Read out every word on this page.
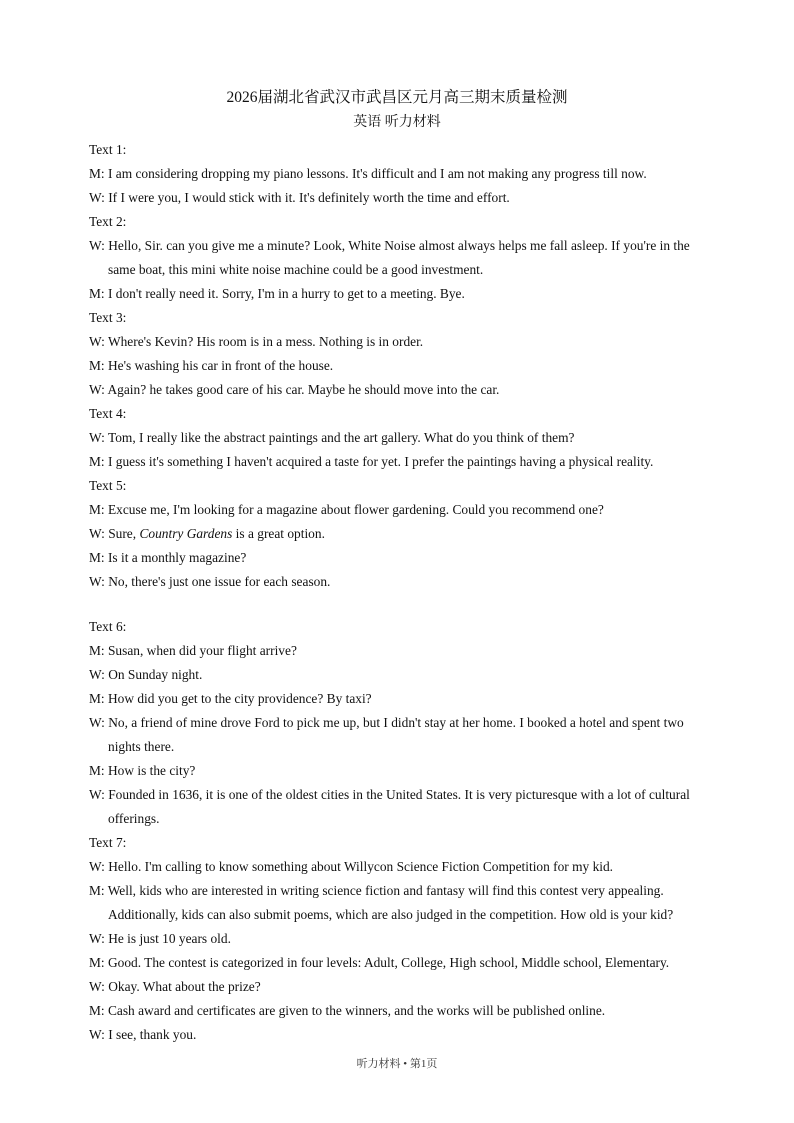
2026届湖北省武汉市武昌区元月高三期末质量检测
英语 听力材料
Text 1:
M: I am considering dropping my piano lessons. It's difficult and I am not making any progress till now.
W: If I were you, I would stick with it. It's definitely worth the time and effort.
Text 2:
W: Hello, Sir. can you give me a minute? Look, White Noise almost always helps me fall asleep. If you're in the same boat, this mini white noise machine could be a good investment.
M: I don't really need it. Sorry, I'm in a hurry to get to a meeting. Bye.
Text 3:
W: Where's Kevin? His room is in a mess. Nothing is in order.
M: He's washing his car in front of the house.
W: Again? he takes good care of his car. Maybe he should move into the car.
Text 4:
W: Tom, I really like the abstract paintings and the art gallery. What do you think of them?
M: I guess it's something I haven't acquired a taste for yet. I prefer the paintings having a physical reality.
Text 5:
M: Excuse me, I'm looking for a magazine about flower gardening. Could you recommend one?
W: Sure, Country Gardens is a great option.
M: Is it a monthly magazine?
W: No, there's just one issue for each season.
Text 6:
M: Susan, when did your flight arrive?
W: On Sunday night.
M: How did you get to the city providence? By taxi?
W: No, a friend of mine drove Ford to pick me up, but I didn't stay at her home. I booked a hotel and spent two nights there.
M: How is the city?
W: Founded in 1636, it is one of the oldest cities in the United States. It is very picturesque with a lot of cultural offerings.
Text 7:
W: Hello. I'm calling to know something about Willycon Science Fiction Competition for my kid.
M: Well, kids who are interested in writing science fiction and fantasy will find this contest very appealing. Additionally, kids can also submit poems, which are also judged in the competition. How old is your kid?
W: He is just 10 years old.
M: Good. The contest is categorized in four levels: Adult, College, High school, Middle school, Elementary.
W: Okay. What about the prize?
M: Cash award and certificates are given to the winners, and the works will be published online.
W: I see, thank you.
听力材料 • 第1页
